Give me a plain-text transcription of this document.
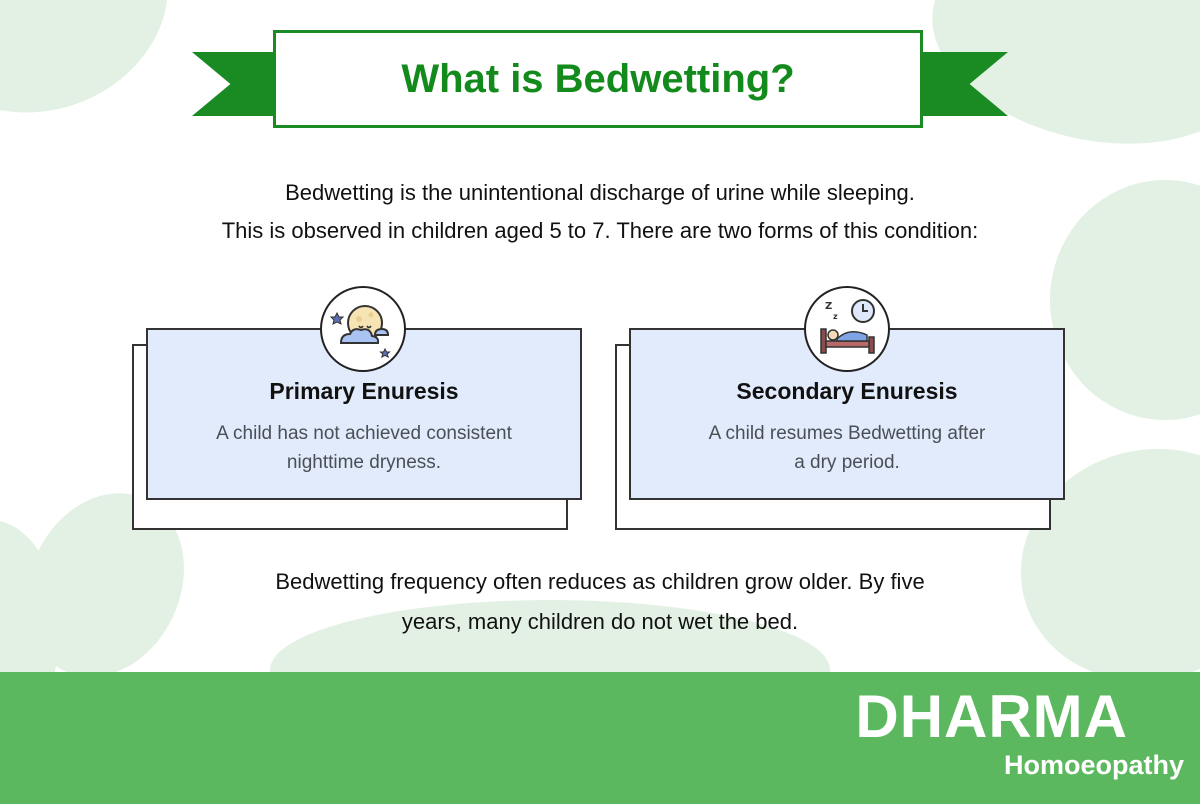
What is Bedwetting?

Bedwetting is the unintentional discharge of urine while sleeping.

This is observed in children aged 5 to 7. There are two forms of this condition:

Primary Enuresis

A child has not achieved consistent

nighttime dryness.

Secondary Enuresis

A child resumes Bedwetting after

a dry period.

Z
z

Bedwetting frequency often reduces as children grow older. By five

years, many children do not wet the bed.

DHARMA
Homoeopathy
